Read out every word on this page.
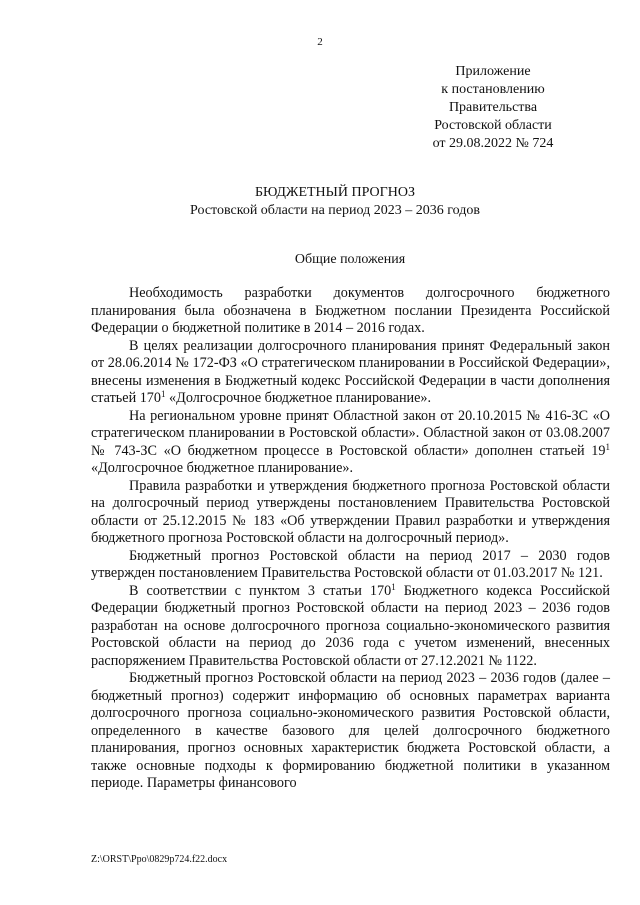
2
Приложение
к постановлению
Правительства
Ростовской области
от 29.08.2022 № 724
БЮДЖЕТНЫЙ ПРОГНОЗ
Ростовской области на период 2023 – 2036 годов
Общие положения

Необходимость разработки документов долгосрочного бюджетного планирования была обозначена в Бюджетном послании Президента Российской Федерации о бюджетной политике в 2014 – 2016 годах.

В целях реализации долгосрочного планирования принят Федеральный закон от 28.06.2014 № 172-ФЗ «О стратегическом планировании в Российской Федерации», внесены изменения в Бюджетный кодекс Российской Федерации в части дополнения статьей $170^1$ «Долгосрочное бюджетное планирование».

На региональном уровне принят Областной закон от 20.10.2015 № 416-ЗС «О стратегическом планировании в Ростовской области». Областной закон от 03.08.2007 № 743-ЗС «О бюджетном процессе в Ростовской области» дополнен статьей $19^1$ «Долгосрочное бюджетное планирование».

Правила разработки и утверждения бюджетного прогноза Ростовской области на долгосрочный период утверждены постановлением Правительства Ростовской области от 25.12.2015 № 183 «Об утверждении Правил разработки и утверждения бюджетного прогноза Ростовской области на долгосрочный период».

Бюджетный прогноз Ростовской области на период 2017 – 2030 годов утвержден постановлением Правительства Ростовской области от 01.03.2017 № 121.

В соответствии с пунктом 3 статьи $170^1$ Бюджетного кодекса Российской Федерации бюджетный прогноз Ростовской области на период 2023 – 2036 годов разработан на основе долгосрочного прогноза социально-экономического развития Ростовской области на период до 2036 года с учетом изменений, внесенных распоряжением Правительства Ростовской области от 27.12.2021 № 1122.

Бюджетный прогноз Ростовской области на период 2023 – 2036 годов (далее – бюджетный прогноз) содержит информацию об основных параметрах варианта долгосрочного прогноза социально-экономического развития Ростовской области, определенного в качестве базового для целей долгосрочного бюджетного планирования, прогноз основных характеристик бюджета Ростовской области, а также основные подходы к формированию бюджетной политики в указанном периоде. Параметры финансового

Z:\ORST\Ppo\0829p724.f22.docx
